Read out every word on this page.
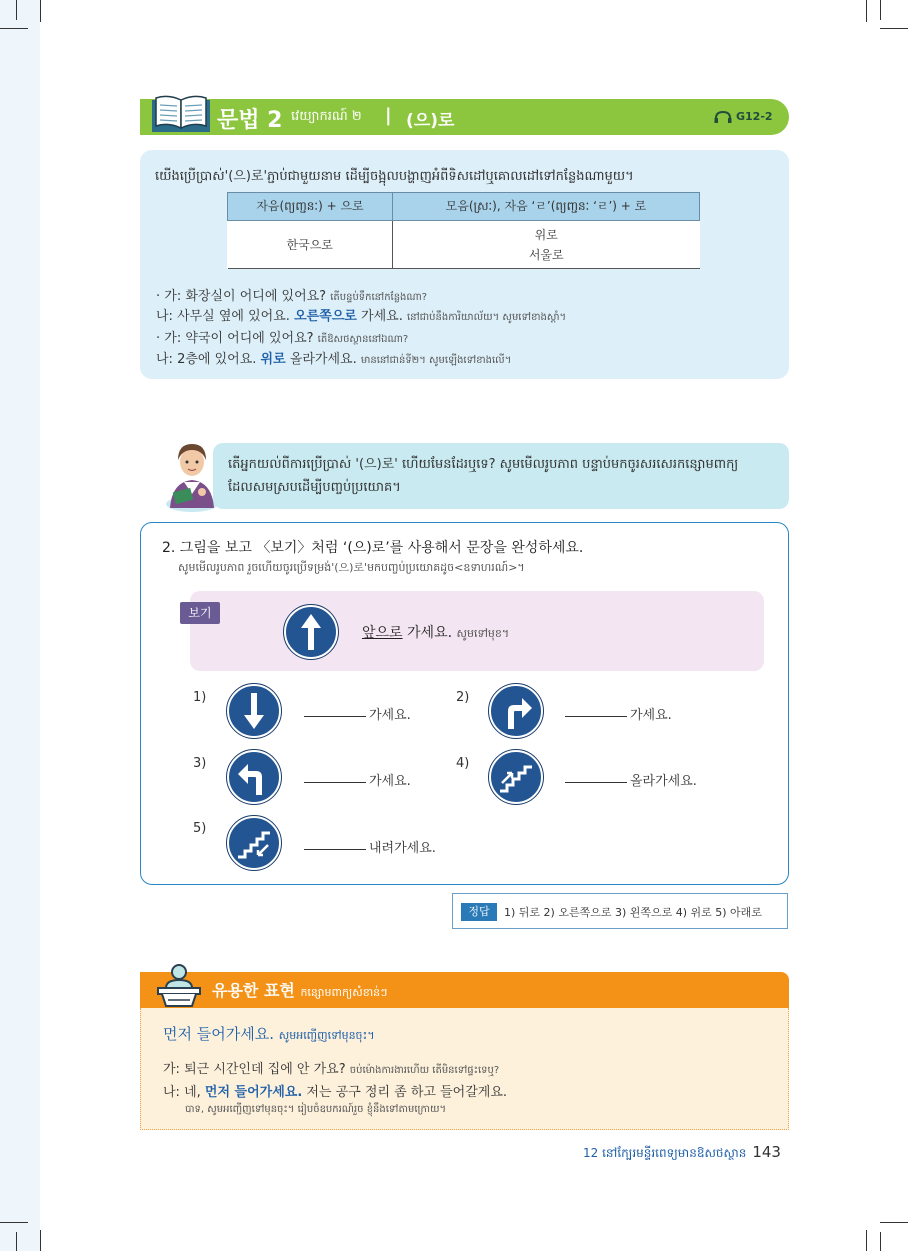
문법 2 វេយ្យាករណ៍ ២ | (으)로	G12-2
យើងប្រើប្រាស់'(으)로'ភ្ជាប់ជាមួយនាម ដើម្បីចង្អុលបង្ហាញអំពីទិសដៅឬគោលដៅទៅកន្លែងណាមួយ។
자음(ព្យញ្ជនៈ) + 으로	모음(ស្រៈ), 자음 ‘ㄹ’(ព្យញ្ជនៈ ‘ㄹ’) + 로
한국으로	위로
서울로
· 가: 화장실이 어디에 있어요? តើបន្ទប់ទឹកនៅកន្លែងណា?
나: 사무실 옆에 있어요. 오른쪽으로 가세요. នៅជាប់នឹងការិយាល័យ។ សូមទៅខាងស្តាំ។
· 가: 약국이 어디에 있어요? តើឱសថស្ថាននៅឯណា?
나: 2층에 있어요. 위로 올라가세요. មាននៅជាន់ទី២។ សូមឡើងទៅខាងលើ។
តើអ្នកយល់ពីការប្រើប្រាស់ '(으)로' ហើយមែនដែរឬទេ? សូមមើលរូបភាព បន្ទាប់មកចូរសរសេរកន្សោមពាក្យដែលសមស្របដើម្បីបញ្ចប់ប្រយោគ។
2. 그림을 보고 〈보기〉처럼 ‘(으)로’를 사용해서 문장을 완성하세요.
សូមមើលរូបភាព រួចហើយចូរប្រើទម្រង់'(으)로'មកបញ្ចប់ប្រយោគដូច<ឧទាហរណ៍>។
보기
앞으로 가세요. សូមទៅមុខ។
1)
가세요.
2)
가세요.
3)
가세요.
4)
올라가세요.
5)
내려가세요.
정답	1) 뒤로 2) 오른쪽으로 3) 왼쪽으로 4) 위로 5) 아래로
유용한 표현 កន្សោមពាក្យសំខាន់ៗ
먼저 들어가세요. សូមអញ្ជើញទៅមុនចុះ។
가: 퇴근 시간인데 집에 안 가요? ចប់ម៉ោងការងារហើយ តើមិនទៅផ្ទះទេឬ?
나: 네, 먼저 들어가세요. 저는 공구 정리 좀 하고 들어갈게요.
បាទ, សូមអញ្ជើញទៅមុនចុះ។ រៀបចំឧបករណ៍រួច ខ្ញុំនឹងទៅតាមក្រោយ។
12 នៅក្បែរមន្ទីរពេទ្យមានឱសថស្ថាន 143
